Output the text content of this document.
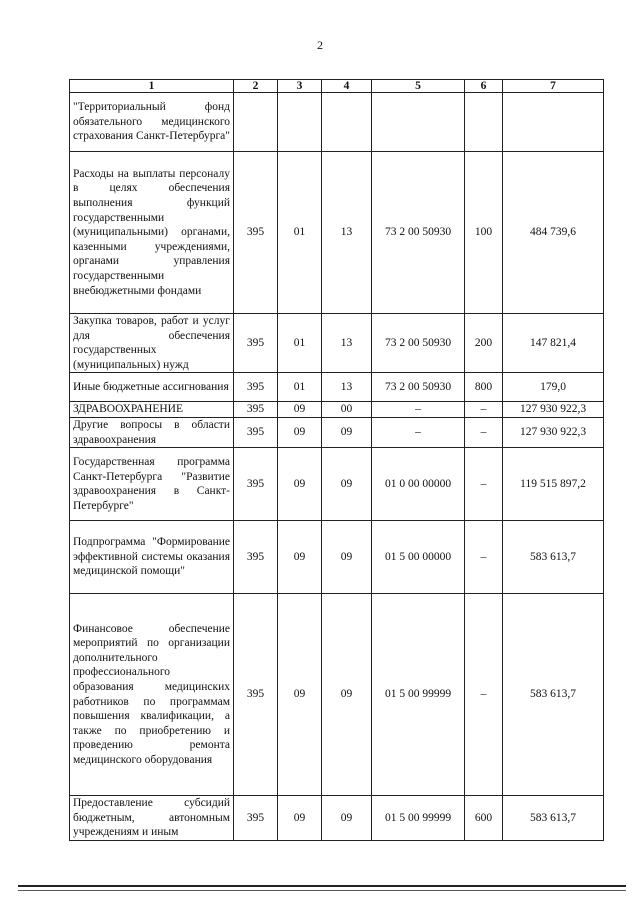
2
1	2	3	4	5	6	7
"Территориальный фонд обязательного медицинского страхования Санкт-Петербурга"						
Расходы на выплаты персоналу в целях обеспечения выполнения функций государственными (муниципальными) органами, казенными учреждениями, органами управления государственными внебюджетными фондами	395	01	13	73 2 00 50930	100	484 739,6
Закупка товаров, работ и услуг для обеспечения государственных (муниципальных) нужд	395	01	13	73 2 00 50930	200	147 821,4
Иные бюджетные ассигнования	395	01	13	73 2 00 50930	800	179,0
ЗДРАВООХРАНЕНИЕ	395	09	00	–	–	127 930 922,3
Другие вопросы в области здравоохранения	395	09	09	–	–	127 930 922,3
Государственная программа Санкт-Петербурга "Развитие здравоохранения в Санкт-Петербурге"	395	09	09	01 0 00 00000	–	119 515 897,2
Подпрограмма "Формирование эффективной системы оказания медицинской помощи"	395	09	09	01 5 00 00000	–	583 613,7
Финансовое обеспечение мероприятий по организации дополнительного профессионального образования медицинских работников по программам повышения квалификации, а также по приобретению и проведению ремонта медицинского оборудования	395	09	09	01 5 00 99999	–	583 613,7
Предоставление субсидий бюджетным, автономным учреждениям и иным	395	09	09	01 5 00 99999	600	583 613,7
